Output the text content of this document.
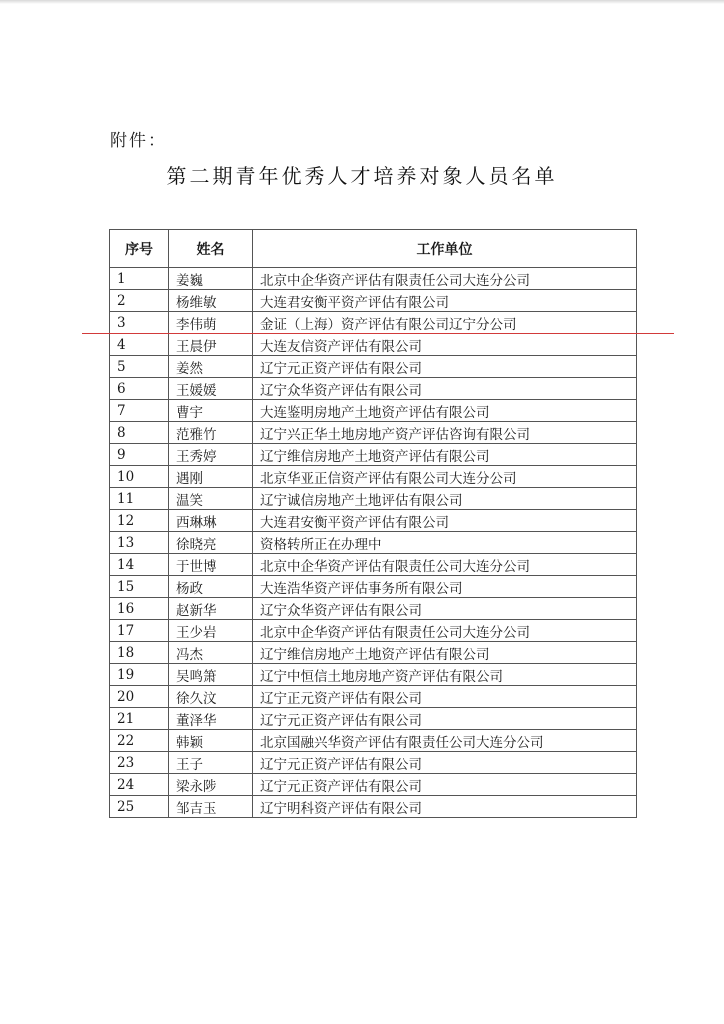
附件：
第二期青年优秀人才培养对象人员名单
序号	姓名	工作单位
1	姜巍	北京中企华资产评估有限责任公司大连分公司
2	杨维敏	大连君安衡平资产评估有限公司
3	李伟萌	金证（上海）资产评估有限公司辽宁分公司
4	王晨伊	大连友信资产评估有限公司
5	姜然	辽宁元正资产评估有限公司
6	王媛媛	辽宁众华资产评估有限公司
7	曹宇	大连鉴明房地产土地资产评估有限公司
8	范雅竹	辽宁兴正华土地房地产资产评估咨询有限公司
9	王秀婷	辽宁维信房地产土地资产评估有限公司
10	遇刚	北京华亚正信资产评估有限公司大连分公司
11	温笑	辽宁诚信房地产土地评估有限公司
12	西琳琳	大连君安衡平资产评估有限公司
13	徐晓亮	资格转所正在办理中
14	于世博	北京中企华资产评估有限责任公司大连分公司
15	杨政	大连浩华资产评估事务所有限公司
16	赵新华	辽宁众华资产评估有限公司
17	王少岩	北京中企华资产评估有限责任公司大连分公司
18	冯杰	辽宁维信房地产土地资产评估有限公司
19	吴鸣箫	辽宁中恒信土地房地产资产评估有限公司
20	徐久汶	辽宁正元资产评估有限公司
21	董泽华	辽宁元正资产评估有限公司
22	韩颖	北京国融兴华资产评估有限责任公司大连分公司
23	王子	辽宁元正资产评估有限公司
24	梁永陟	辽宁元正资产评估有限公司
25	邹吉玉	辽宁明科资产评估有限公司
